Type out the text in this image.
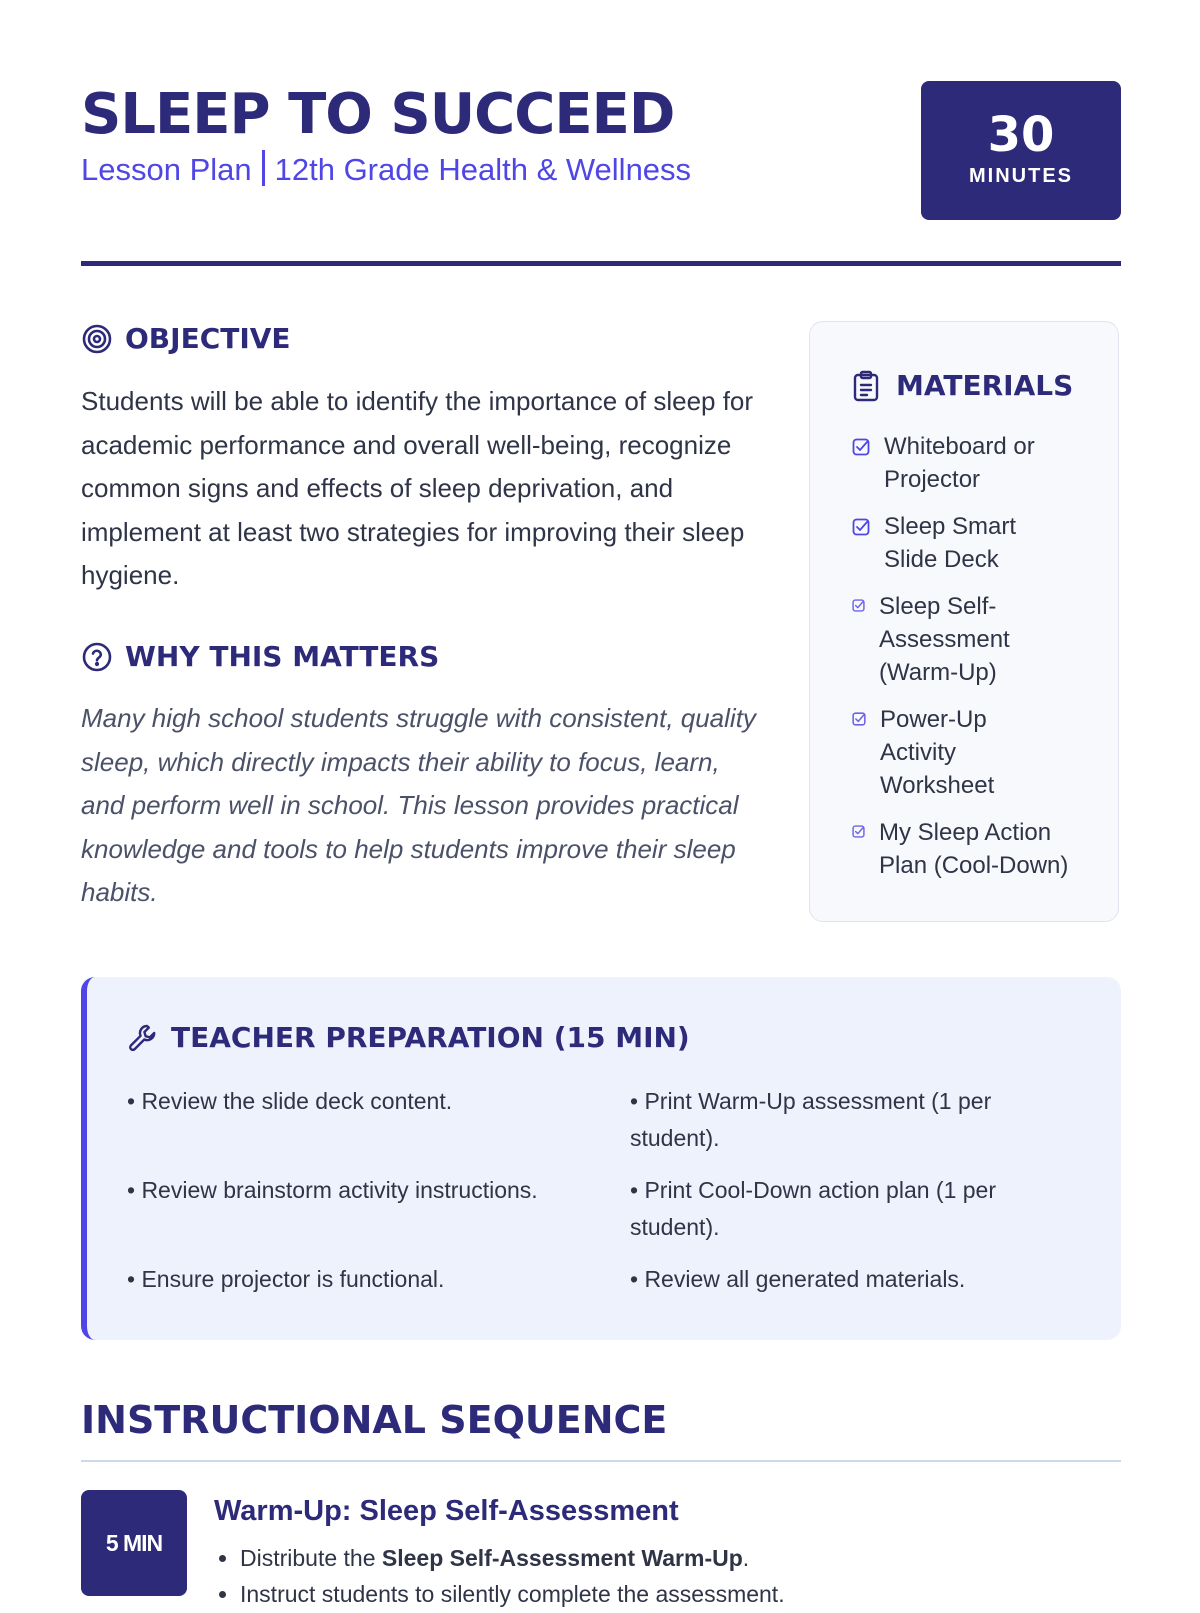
SLEEP TO SUCCEED
Lesson Plan 12th Grade Health & Wellness
30
MINUTES
OBJECTIVE

Students will be able to identify the importance of sleep for academic performance and overall well-being, recognize common signs and effects of sleep deprivation, and implement at least two strategies for improving their sleep hygiene.

WHY THIS MATTERS

Many high school students struggle with consistent, quality sleep, which directly impacts their ability to focus, learn, and perform well in school. This lesson provides practical knowledge and tools to help students improve their sleep habits.

MATERIALS
Whiteboard or Projector
Sleep Smart Slide Deck
Sleep Self-Assessment (Warm-Up)
Power-Up Activity Worksheet
My Sleep Action Plan (Cool-Down)
TEACHER PREPARATION (15 MIN)
• Review the slide deck content.	• Print Warm-Up assessment (1 per student).
• Review brainstorm activity instructions.	• Print Cool-Down action plan (1 per student).
• Ensure projector is functional.	• Review all generated materials.
INSTRUCTIONAL SEQUENCE
5 MIN
Warm-Up: Sleep Self-Assessment
• Distribute the Sleep Self-Assessment Warm-Up.
• Instruct students to silently complete the assessment.
